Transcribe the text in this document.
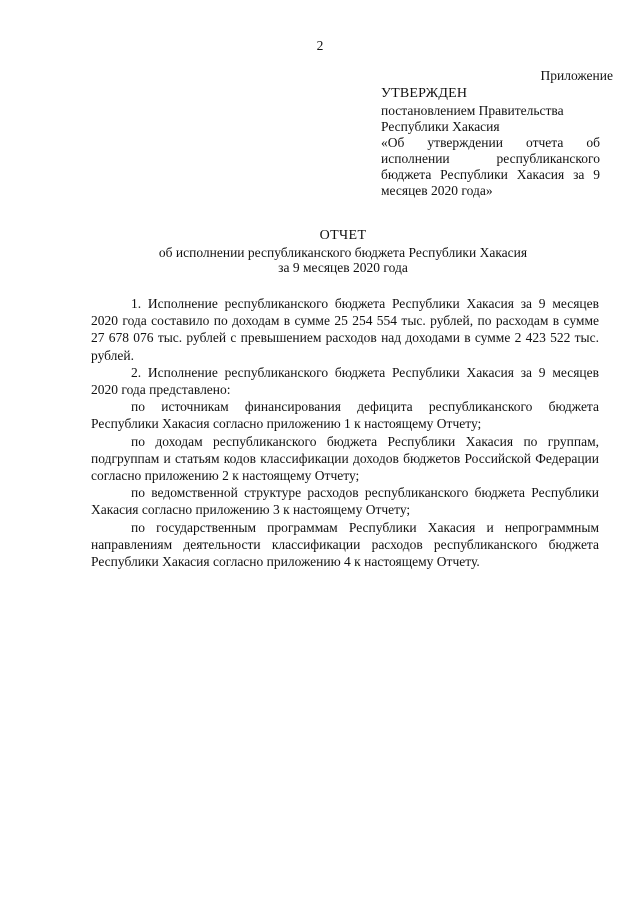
2
Приложение
УТВЕРЖДЕН
постановлением Правительства
Республики Хакасия
«Об утверждении отчета об
исполнении республиканского
бюджета Республики Хакасия за 9
месяцев 2020 года»
ОТЧЕТ
об исполнении республиканского бюджета Республики Хакасия
за 9 месяцев 2020 года

1. Исполнение республиканского бюджета Республики Хакасия за 9 месяцев 2020 года составило по доходам в сумме 25 254 554 тыс. рублей, по расходам в сумме 27 678 076 тыс. рублей с превышением расходов над доходами в сумме 2 423 522 тыс. рублей.

2. Исполнение республиканского бюджета Республики Хакасия за 9 месяцев 2020 года представлено:

по источникам финансирования дефицита республиканского бюджета Республики Хакасия согласно приложению 1 к настоящему Отчету;

по доходам республиканского бюджета Республики Хакасия по группам, подгруппам и статьям кодов классификации доходов бюджетов Российской Федерации согласно приложению 2 к настоящему Отчету;

по ведомственной структуре расходов республиканского бюджета Республики Хакасия согласно приложению 3 к настоящему Отчету;

по государственным программам Республики Хакасия и непрограммным направлениям деятельности классификации расходов республиканского бюджета Республики Хакасия согласно приложению 4 к настоящему Отчету.
